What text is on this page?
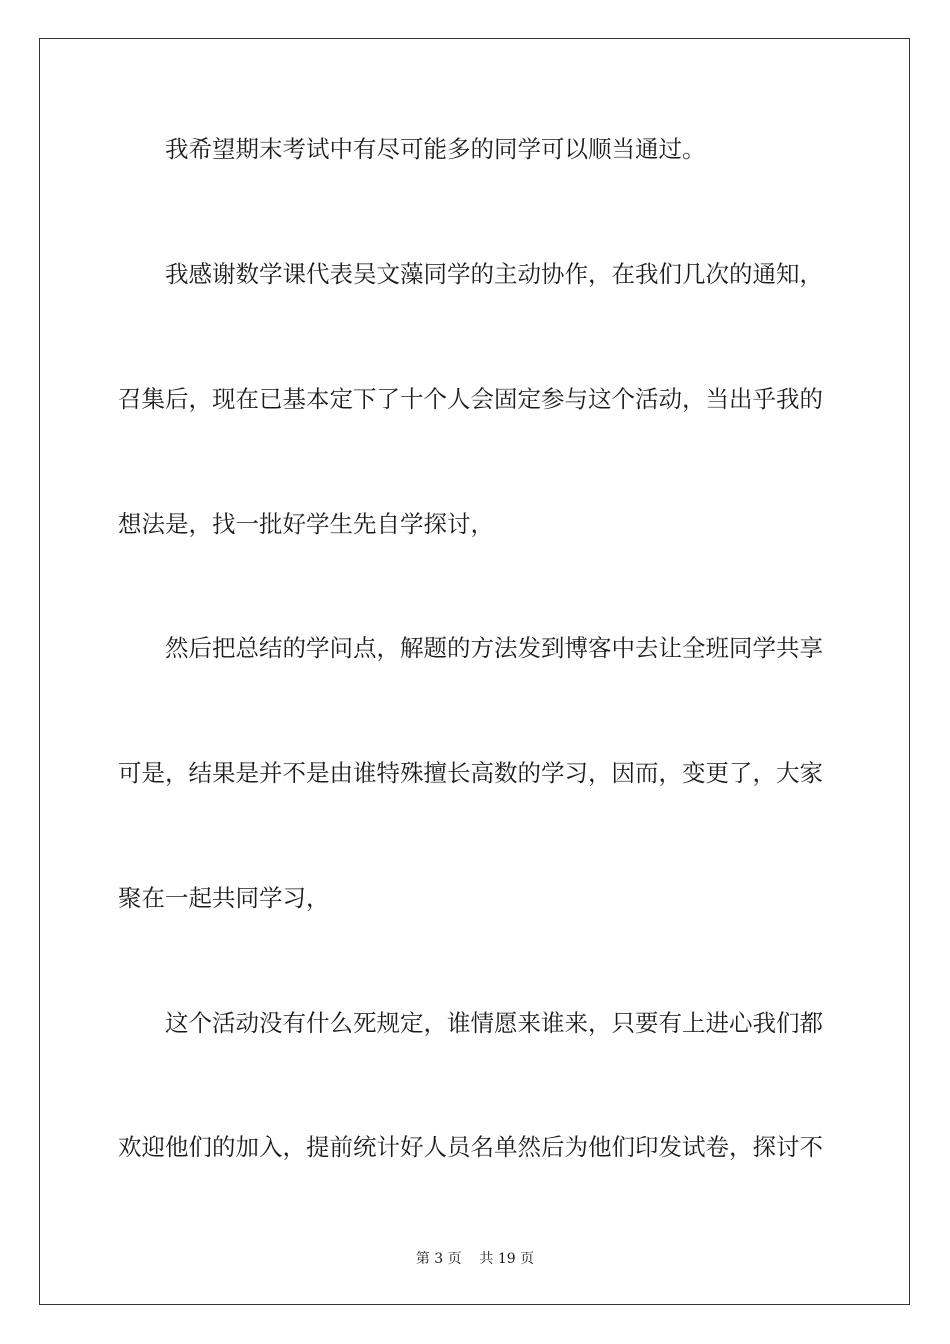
我希望期末考试中有尽可能多的同学可以顺当通过。

我感谢数学课代表吴文藻同学的主动协作，在我们几次的通知，

召集后，现在已基本定下了十个人会固定参与这个活动，当出乎我的

想法是，找一批好学生先自学探讨，

然后把总结的学问点，解题的方法发到博客中去让全班同学共享

可是，结果是并不是由谁特殊擅长高数的学习，因而，变更了，大家

聚在一起共同学习，

这个活动没有什么死规定，谁情愿来谁来，只要有上进心我们都

欢迎他们的加入，提前统计好人员名单然后为他们印发试卷，探讨不

第 3 页    共 19 页
